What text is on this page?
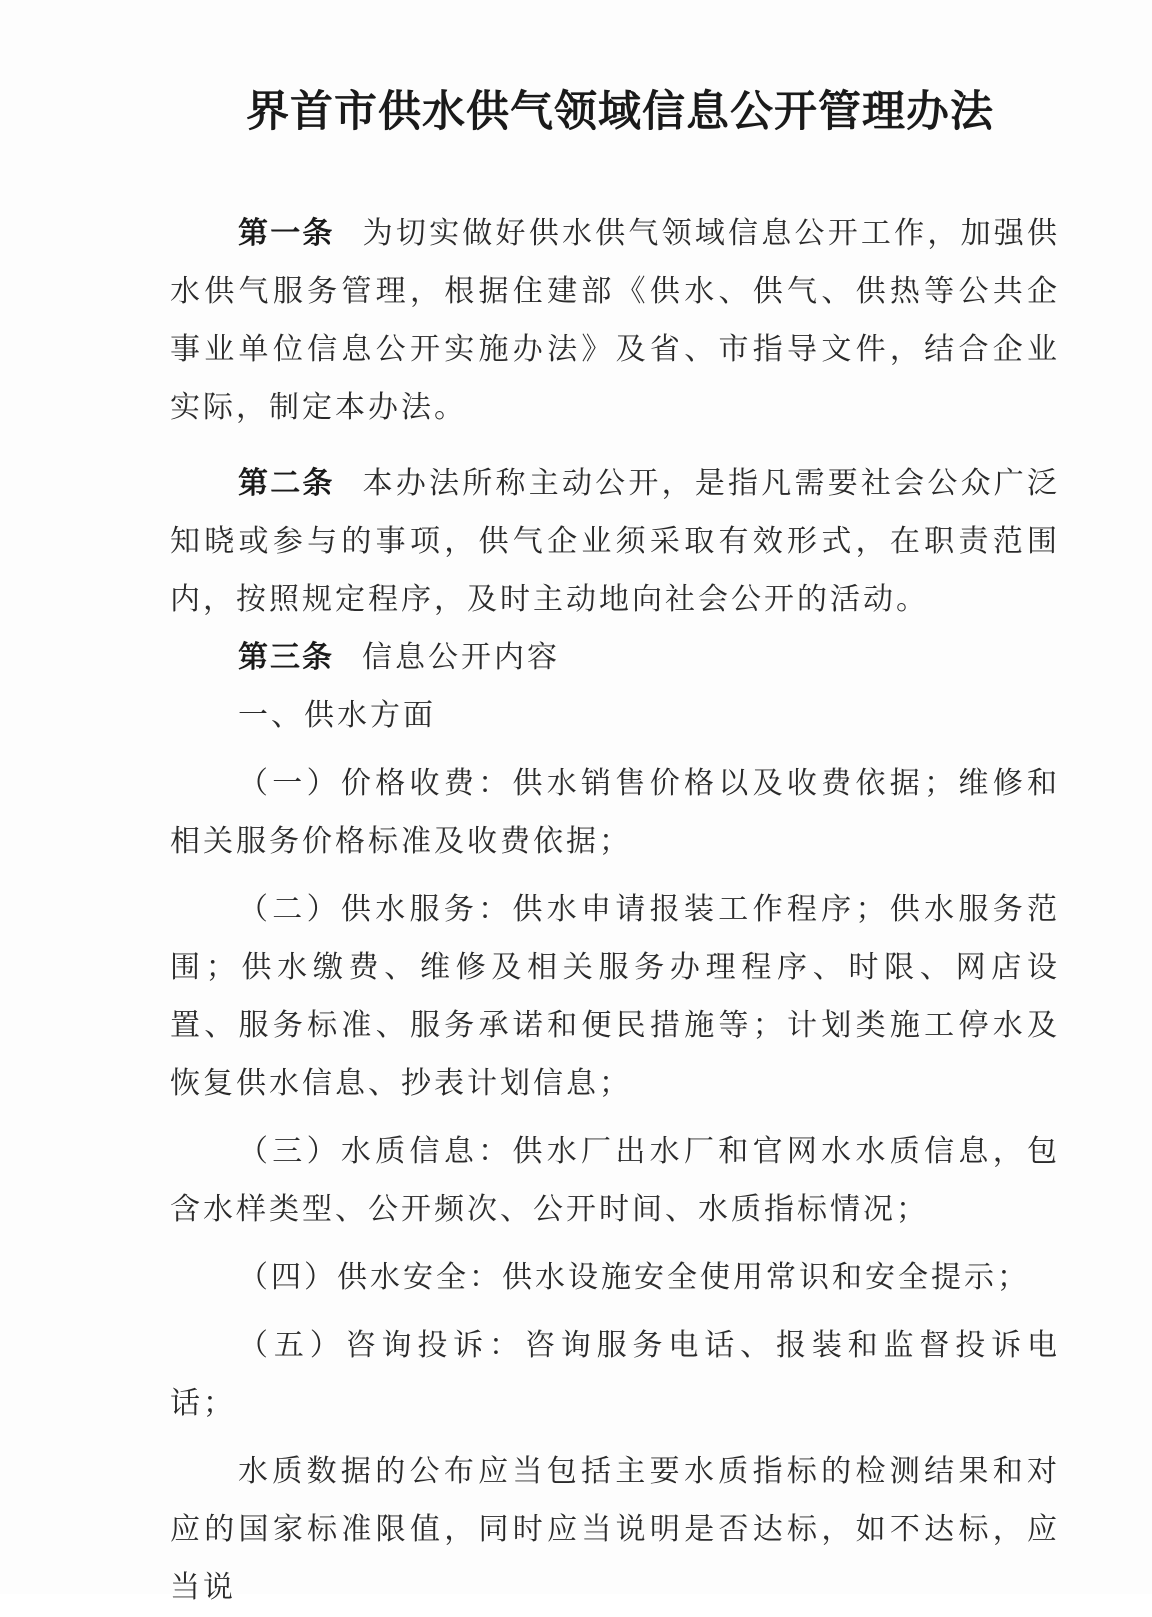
界首市供水供气领域信息公开管理办法

第一条 为切实做好供水供气领域信息公开工作，加强供水供气服务管理，根据住建部《供水、供气、供热等公共企事业单位信息公开实施办法》及省、市指导文件，结合企业实际，制定本办法。

第二条 本办法所称主动公开，是指凡需要社会公众广泛知晓或参与的事项，供气企业须采取有效形式，在职责范围内，按照规定程序，及时主动地向社会公开的活动。

第三条 信息公开内容

一、供水方面

（一）价格收费：供水销售价格以及收费依据；维修和相关服务价格标准及收费依据；

（二）供水服务：供水申请报装工作程序；供水服务范围；供水缴费、维修及相关服务办理程序、时限、网店设置、服务标准、服务承诺和便民措施等；计划类施工停水及恢复供水信息、抄表计划信息；

（三）水质信息：供水厂出水厂和官网水水质信息，包含水样类型、公开频次、公开时间、水质指标情况；

（四）供水安全：供水设施安全使用常识和安全提示；

（五）咨询投诉：咨询服务电话、报装和监督投诉电话；

水质数据的公布应当包括主要水质指标的检测结果和对应的国家标准限值，同时应当说明是否达标，如不达标，应当说
